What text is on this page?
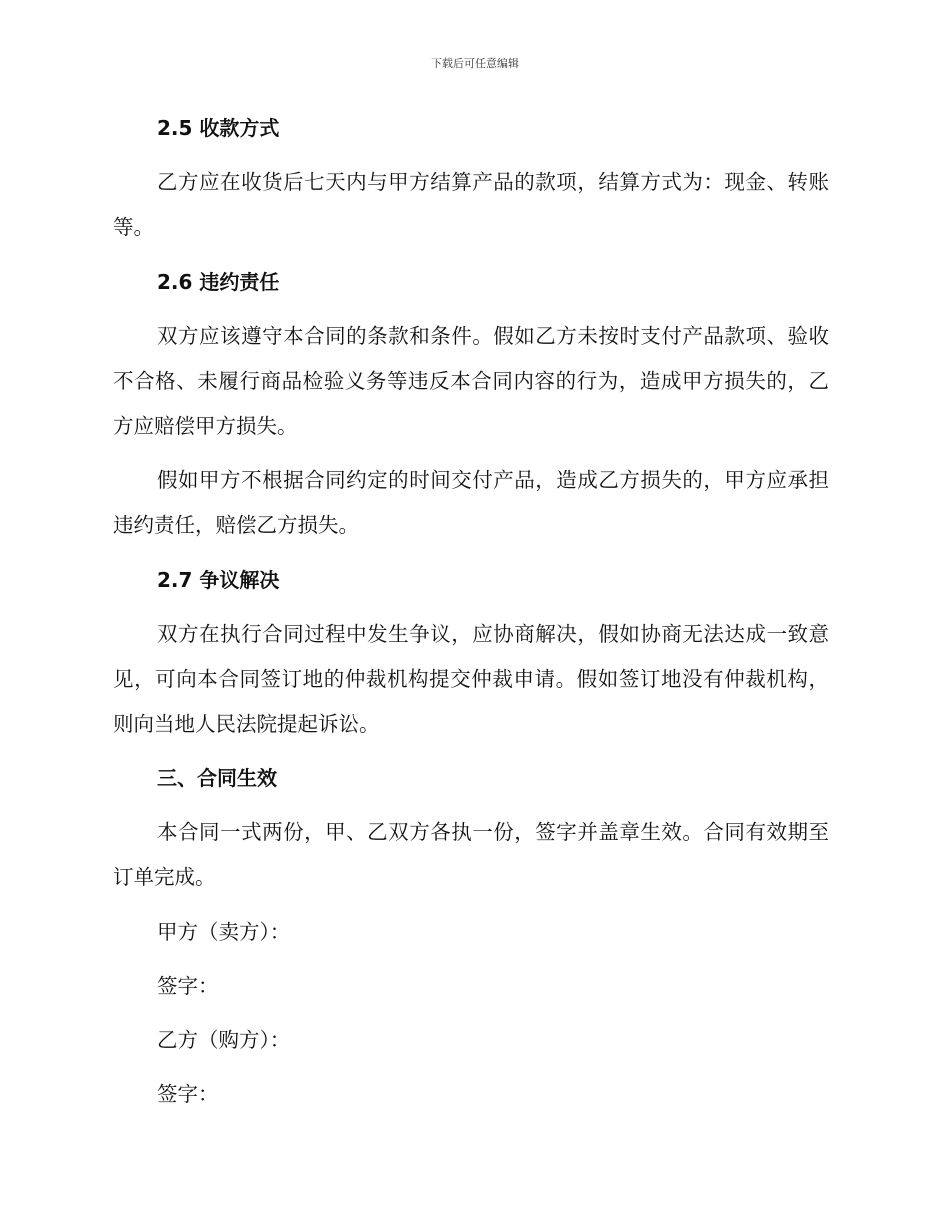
下载后可任意编辑
2.5 收款方式
乙方应在收货后七天内与甲方结算产品的款项，结算方式为：现金、转账等。
2.6 违约责任
双方应该遵守本合同的条款和条件。假如乙方未按时支付产品款项、验收不合格、未履行商品检验义务等违反本合同内容的行为，造成甲方损失的，乙方应赔偿甲方损失。
假如甲方不根据合同约定的时间交付产品，造成乙方损失的，甲方应承担违约责任，赔偿乙方损失。
2.7 争议解决
双方在执行合同过程中发生争议，应协商解决，假如协商无法达成一致意见，可向本合同签订地的仲裁机构提交仲裁申请。假如签订地没有仲裁机构，则向当地人民法院提起诉讼。
三、合同生效
本合同一式两份，甲、乙双方各执一份，签字并盖章生效。合同有效期至订单完成。
甲方（卖方）：
签字：
乙方（购方）：
签字：
